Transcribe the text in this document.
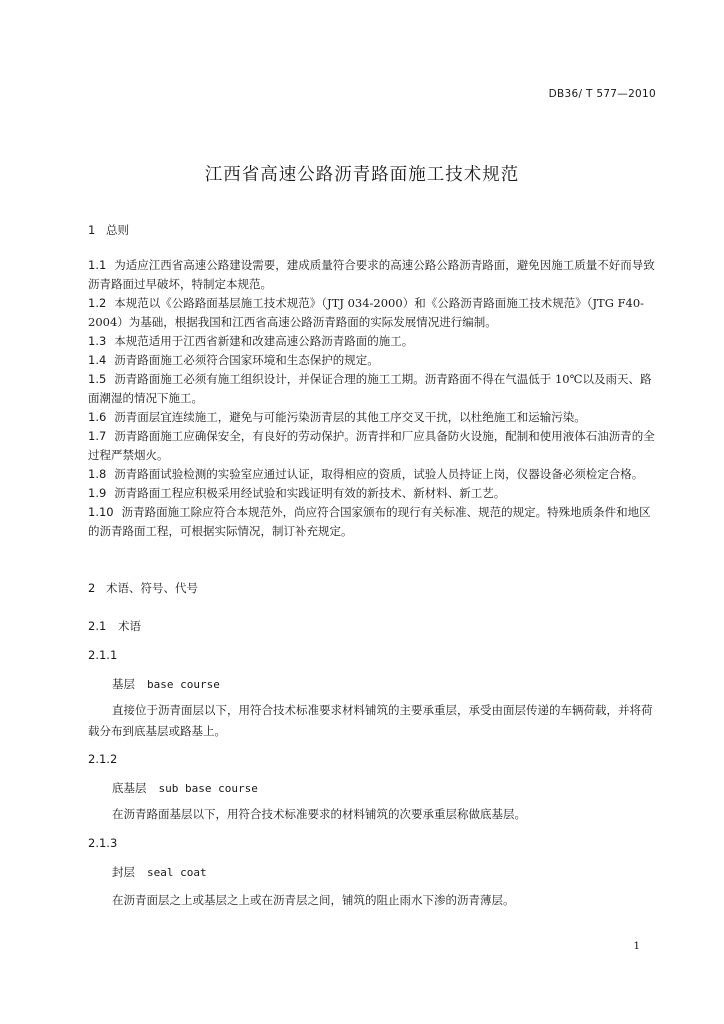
DB36/ T 577—2010
江西省高速公路沥青路面施工技术规范
1 总则
1.1 为适应江西省高速公路建设需要，建成质量符合要求的高速公路公路沥青路面，避免因施工质量不好而导致沥青路面过早破坏，特制定本规范。
1.2 本规范以《公路路面基层施工技术规范》（JTJ 034-2000）和《公路沥青路面施工技术规范》（JTG F40-2004）为基础，根据我国和江西省高速公路沥青路面的实际发展情况进行编制。
1.3 本规范适用于江西省新建和改建高速公路沥青路面的施工。
1.4 沥青路面施工必须符合国家环境和生态保护的规定。
1.5 沥青路面施工必须有施工组织设计，并保证合理的施工工期。沥青路面不得在气温低于 10℃以及雨天、路面潮湿的情况下施工。
1.6 沥青面层宜连续施工，避免与可能污染沥青层的其他工序交叉干扰，以杜绝施工和运输污染。
1.7 沥青路面施工应确保安全，有良好的劳动保护。沥青拌和厂应具备防火设施，配制和使用液体石油沥青的全过程严禁烟火。
1.8 沥青路面试验检测的实验室应通过认证，取得相应的资质，试验人员持证上岗，仪器设备必须检定合格。
1.9 沥青路面工程应积极采用经试验和实践证明有效的新技术、新材料、新工艺。
1.10 沥青路面施工除应符合本规范外，尚应符合国家颁布的现行有关标准、规范的规定。特殊地质条件和地区的沥青路面工程，可根据实际情况，制订补充规定。
2 术语、符号、代号
2.1 术语
2.1.1
基层 base course
直接位于沥青面层以下，用符合技术标准要求材料铺筑的主要承重层，承受由面层传递的车辆荷载，并将荷载分布到底基层或路基上。
2.1.2
底基层 sub base course
在沥青路面基层以下，用符合技术标准要求的材料铺筑的次要承重层称做底基层。
2.1.3
封层 seal coat
在沥青面层之上或基层之上或在沥青层之间，铺筑的阻止雨水下渗的沥青薄层。
1
